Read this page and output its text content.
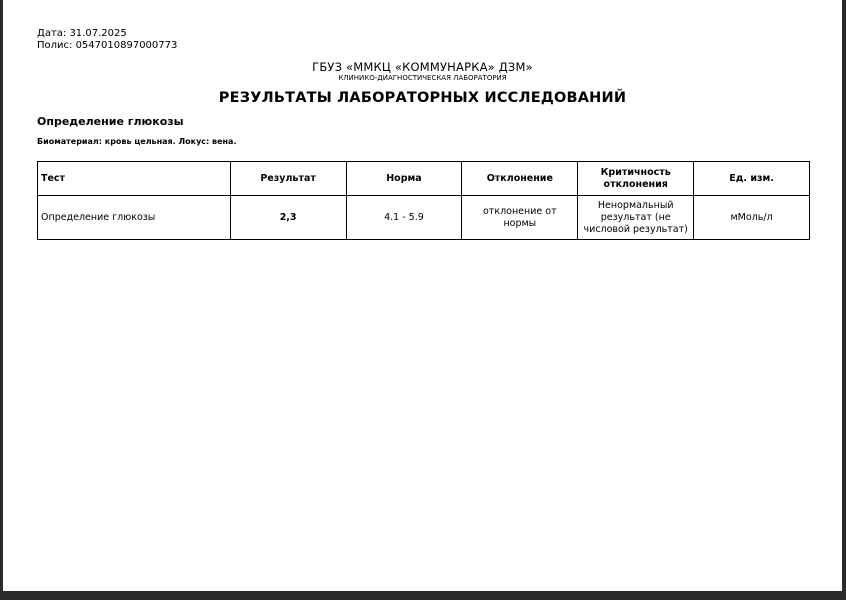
Дата: 31.07.2025
Полис: 0547010897000773
ГБУЗ «ММКЦ «КОММУНАРКА» ДЗМ»
КЛИНИКО-ДИАГНОСТИЧЕСКАЯ ЛАБОРАТОРИЯ
РЕЗУЛЬТАТЫ ЛАБОРАТОРНЫХ ИССЛЕДОВАНИЙ
Определение глюкозы
Биоматериал: кровь цельная. Локус: вена.
Тест	Результат	Норма	Отклонение	Критичность отклонения	Ед. изм.
Определение глюкозы	2,3	4.1 - 5.9	отклонение от нормы	Ненормальный результат (не числовой результат)	мМоль/л
